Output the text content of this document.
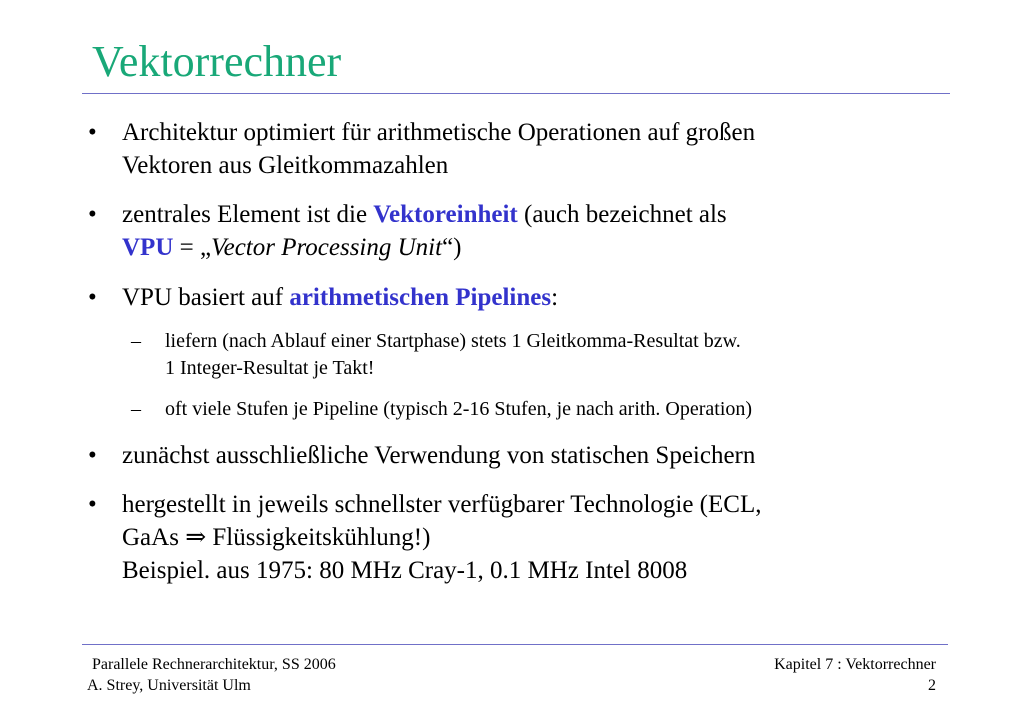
Vektorrechner
• Architektur optimiert für arithmetische Operationen auf großen
Vektoren aus Gleitkommazahlen
• zentrales Element ist die Vektoreinheit (auch bezeichnet als
VPU = „Vector Processing Unit“)
• VPU basiert auf arithmetischen Pipelines:
– liefern (nach Ablauf einer Startphase) stets 1 Gleitkomma-Resultat bzw.
1 Integer-Resultat je Takt!
– oft viele Stufen je Pipeline (typisch 2-16 Stufen, je nach arith. Operation)
• zunächst ausschließliche Verwendung von statischen Speichern
• hergestellt in jeweils schnellster verfügbarer Technologie (ECL,
GaAs ⇒ Flüssigkeitskühlung!)
Beispiel. aus 1975: 80 MHz Cray-1, 0.1 MHz Intel 8008
Parallele Rechnerarchitektur, SS 2006
A. Strey, Universität Ulm
Kapitel 7 : Vektorrechner
2
